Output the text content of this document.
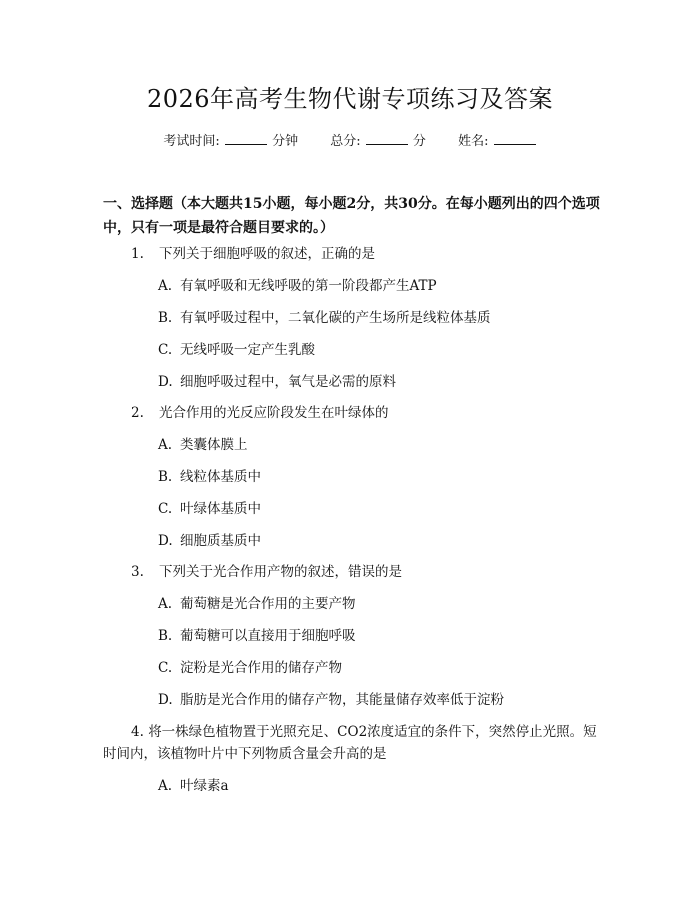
2026年高考生物代谢专项练习及答案
考试时间:	分钟 总分:	分 姓名:
一、选择题（本大题共15小题，每小题2分，共30分。在每小题列出的四个选项中，只有一项是最符合题目要求的。）
1. 下列关于细胞呼吸的叙述，正确的是
A. 有氧呼吸和无线呼吸的第一阶段都产生ATP
B. 有氧呼吸过程中，二氧化碳的产生场所是线粒体基质
C. 无线呼吸一定产生乳酸
D. 细胞呼吸过程中，氧气是必需的原料
2. 光合作用的光反应阶段发生在叶绿体的
A. 类囊体膜上
B. 线粒体基质中
C. 叶绿体基质中
D. 细胞质基质中
3. 下列关于光合作用产物的叙述，错误的是
A. 葡萄糖是光合作用的主要产物
B. 葡萄糖可以直接用于细胞呼吸
C. 淀粉是光合作用的储存产物
D. 脂肪是光合作用的储存产物，其能量储存效率低于淀粉
4. 将一株绿色植物置于光照充足、CO2浓度适宜的条件下，突然停止光照。短时间内，该植物叶片中下列物质含量会升高的是
A. 叶绿素a
